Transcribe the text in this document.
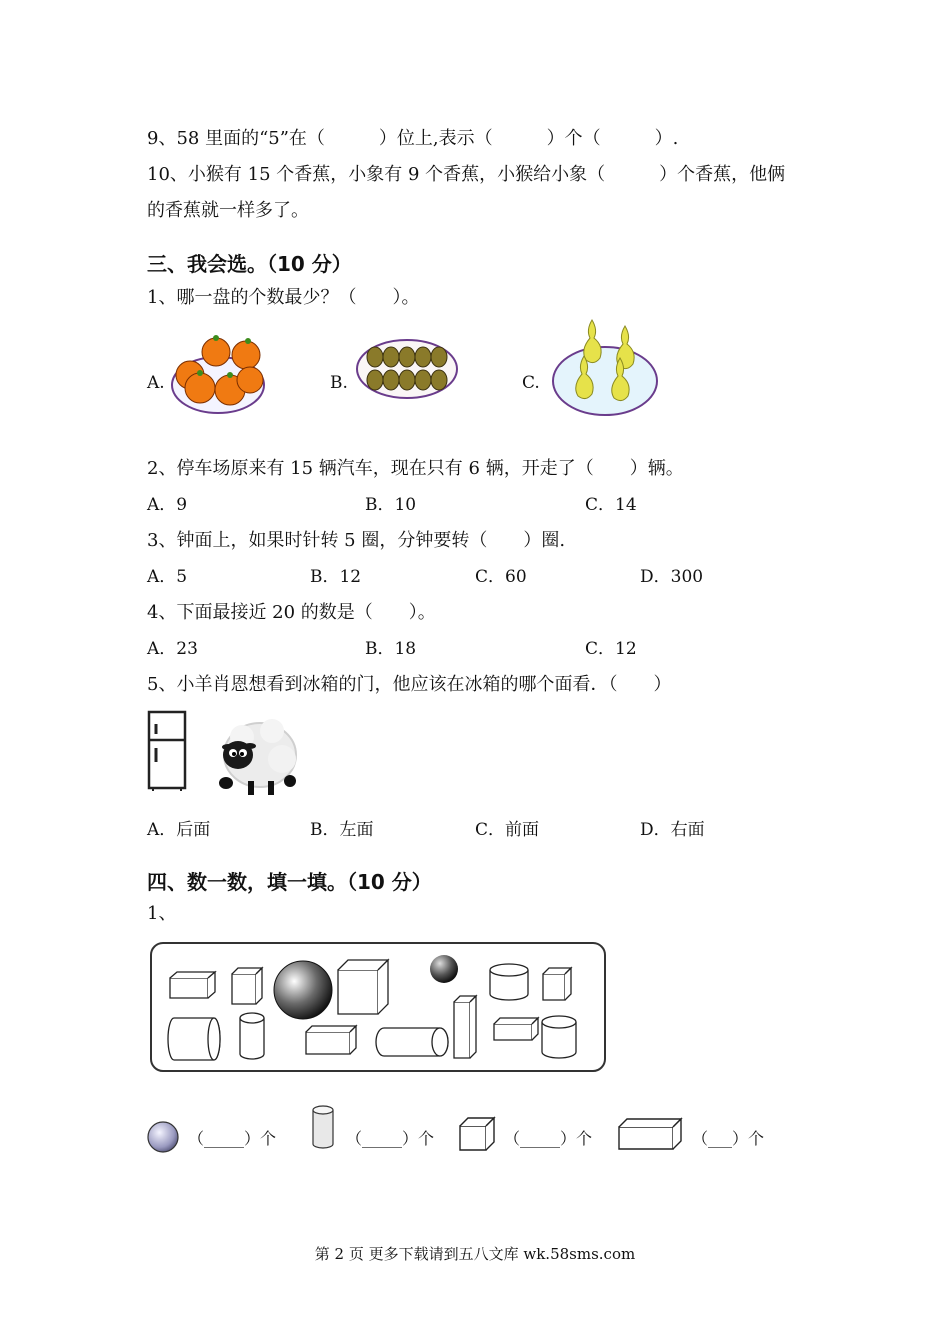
9、58 里面的“5”在（　　　）位上,表示（　　　）个（　　　）.
10、小猴有 15 个香蕉，小象有 9 个香蕉，小猴给小象（　　　）个香蕉，他俩
的香蕉就一样多了。
三、我会选。（10 分）
1、哪一盘的个数最少？（　　）。
A.	B.	C.
2、停车场原来有 15 辆汽车，现在只有 6 辆，开走了（　　）辆。
A．9	B．10	C．14
3、钟面上，如果时针转 5 圈，分钟要转（　　）圈.
A．5	B．12	C．60	D．300
4、下面最接近 20 的数是（　　）。
A．23	B．18	C．12
5、小羊肖恩想看到冰箱的门，他应该在冰箱的哪个面看．（　　）
A．后面	B．左面	C．前面	D．右面
四、数一数，填一填。（10 分）
1、
（_____）个	（_____）个	（_____）个	（___）个
第 2 页 更多下载请到五八文库 wk.58sms.com
